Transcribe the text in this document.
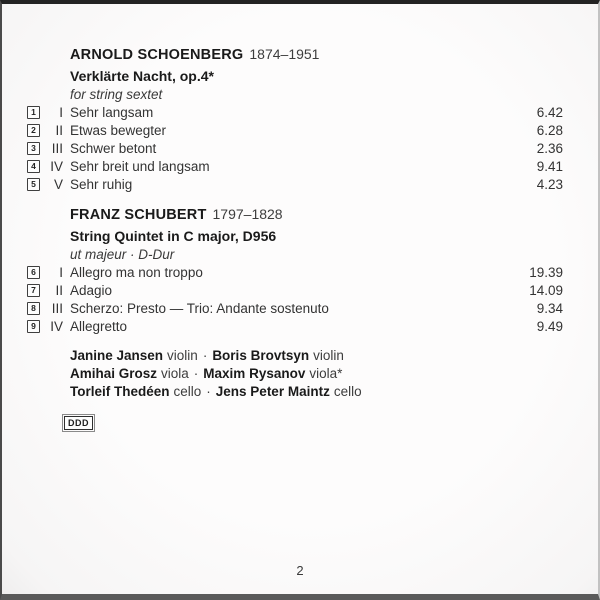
ARNOLD SCHOENBERG 1874–1951
Verklärte Nacht, op.4*
for string sextet
1	I Sehr langsam	6.42
2	II Etwas bewegter	6.28
3	III Schwer betont	2.36
4	IV Sehr breit und langsam	9.41
5	V Sehr ruhig	4.23
FRANZ SCHUBERT 1797–1828
String Quintet in C major, D956
ut majeur · D-Dur
6	I Allegro ma non troppo	19.39
7	II Adagio	14.09
8	III Scherzo: Presto — Trio: Andante sostenuto	9.34
9	IV Allegretto	9.49
Janine Jansen violin · Boris Brovtsyn violin
Amihai Grosz viola · Maxim Rysanov viola*
Torleif Thedéen cello · Jens Peter Maintz cello
DDD
2
